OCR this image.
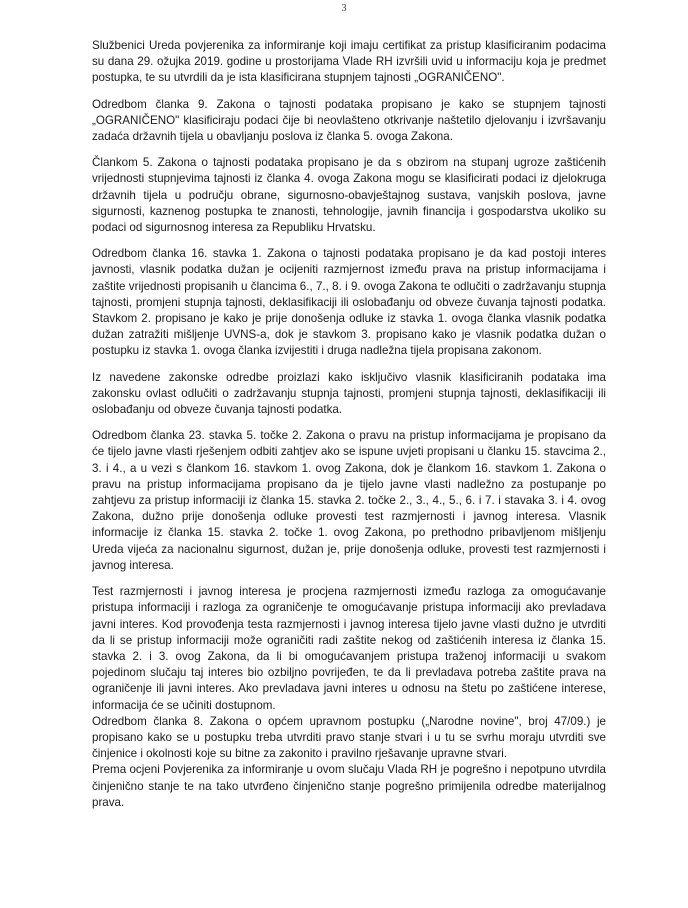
3

Službenici Ureda povjerenika za informiranje koji imaju certifikat za pristup klasificiranim podacima su dana 29. ožujka 2019. godine u prostorijama Vlade RH izvršili uvid u informaciju koja je predmet postupka, te su utvrdili da je ista klasificirana stupnjem tajnosti „OGRANIČENO".

Odredbom članka 9. Zakona o tajnosti podataka propisano je kako se stupnjem tajnosti „OGRANIČENO" klasificiraju podaci čije bi neovlašteno otkrivanje naštetilo djelovanju i izvršavanju zadaća državnih tijela u obavljanju poslova iz članka 5. ovoga Zakona.

Člankom 5. Zakona o tajnosti podataka propisano je da s obzirom na stupanj ugroze zaštićenih vrijednosti stupnjevima tajnosti iz članka 4. ovoga Zakona mogu se klasificirati podaci iz djelokruga državnih tijela u području obrane, sigurnosno-obavještajnog sustava, vanjskih poslova, javne sigurnosti, kaznenog postupka te znanosti, tehnologije, javnih financija i gospodarstva ukoliko su podaci od sigurnosnog interesa za Republiku Hrvatsku.

Odredbom članka 16. stavka 1. Zakona o tajnosti podataka propisano je da kad postoji interes javnosti, vlasnik podatka dužan je ocijeniti razmjernost između prava na pristup informacijama i zaštite vrijednosti propisanih u člancima 6., 7., 8. i 9. ovoga Zakona te odlučiti o zadržavanju stupnja tajnosti, promjeni stupnja tajnosti, deklasifikaciji ili oslobađanju od obveze čuvanja tajnosti podatka. Stavkom 2. propisano je kako je prije donošenja odluke iz stavka 1. ovoga članka vlasnik podatka dužan zatražiti mišljenje UVNS-a, dok je stavkom 3. propisano kako je vlasnik podatka dužan o postupku iz stavka 1. ovoga članka izvijestiti i druga nadležna tijela propisana zakonom.

Iz navedene zakonske odredbe proizlazi kako isključivo vlasnik klasificiranih podataka ima zakonsku ovlast odlučiti o zadržavanju stupnja tajnosti, promjeni stupnja tajnosti, deklasifikaciji ili oslobađanju od obveze čuvanja tajnosti podatka.

Odredbom članka 23. stavka 5. točke 2. Zakona o pravu na pristup informacijama je propisano da će tijelo javne vlasti rješenjem odbiti zahtjev ako se ispune uvjeti propisani u članku 15. stavcima 2., 3. i 4., a u vezi s člankom 16. stavkom 1. ovog Zakona, dok je člankom 16. stavkom 1. Zakona o pravu na pristup informacijama propisano da je tijelo javne vlasti nadležno za postupanje po zahtjevu za pristup informaciji iz članka 15. stavka 2. točke 2., 3., 4., 5., 6. i 7. i stavaka 3. i 4. ovog Zakona, dužno prije donošenja odluke provesti test razmjernosti i javnog interesa. Vlasnik informacije iz članka 15. stavka 2. točke 1. ovog Zakona, po prethodno pribavljenom mišljenju Ureda vijeća za nacionalnu sigurnost, dužan je, prije donošenja odluke, provesti test razmjernosti i javnog interesa.

Test razmjernosti i javnog interesa je procjena razmjernosti između razloga za omogućavanje pristupa informaciji i razloga za ograničenje te omogućavanje pristupa informaciji ako prevladava javni interes. Kod provođenja testa razmjernosti i javnog interesa tijelo javne vlasti dužno je utvrditi da li se pristup informaciji može ograničiti radi zaštite nekog od zaštićenih interesa iz članka 15. stavka 2. i 3. ovog Zakona, da li bi omogućavanjem pristupa traženoj informaciji u svakom pojedinom slučaju taj interes bio ozbiljno povrijeđen, te da li prevladava potreba zaštite prava na ograničenje ili javni interes. Ako prevladava javni interes u odnosu na štetu po zaštićene interese, informacija će se učiniti dostupnom.

Odredbom članka 8. Zakona o općem upravnom postupku („Narodne novine", broj 47/09.) je propisano kako se u postupku treba utvrditi pravo stanje stvari i u tu se svrhu moraju utvrditi sve činjenice i okolnosti koje su bitne za zakonito i pravilno rješavanje upravne stvari.

Prema ocjeni Povjerenika za informiranje u ovom slučaju Vlada RH je pogrešno i nepotpuno utvrdila činjenično stanje te na tako utvrđeno činjenično stanje pogrešno primijenila odredbe materijalnog prava.
